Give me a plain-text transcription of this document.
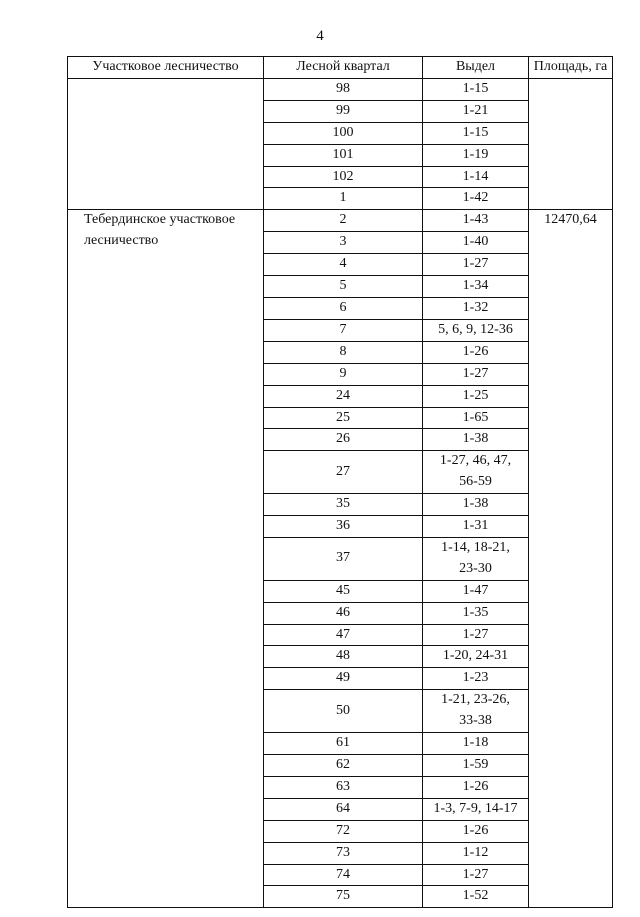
4
Участковое лесничество	Лесной квартал	Выдел	Площадь, га
	98	1-15	
	99	1-21	
	100	1-15	
	101	1-19	
	102	1-14	
	1	1-42	
Тебердинское участковое лесничество	2	1-43	12470,64
	3	1-40	
	4	1-27	
	5	1-34	
	6	1-32	
	7	5, 6, 9, 12-36	
	8	1-26	
	9	1-27	
	24	1-25	
	25	1-65	
	26	1-38	
	27	1-27, 46, 47,
56-59	

	35	1-38	
	36	1-31	
	37	1-14, 18-21,
23-30	

	45	1-47	
	46	1-35	
	47	1-27	
	48	1-20, 24-31	
	49	1-23	
	50	1-21, 23-26,
33-38	

	61	1-18	
	62	1-59	
	63	1-26	
	64	1-3, 7-9, 14-17	
	72	1-26	
	73	1-12	
	74	1-27	
	75	1-52	
